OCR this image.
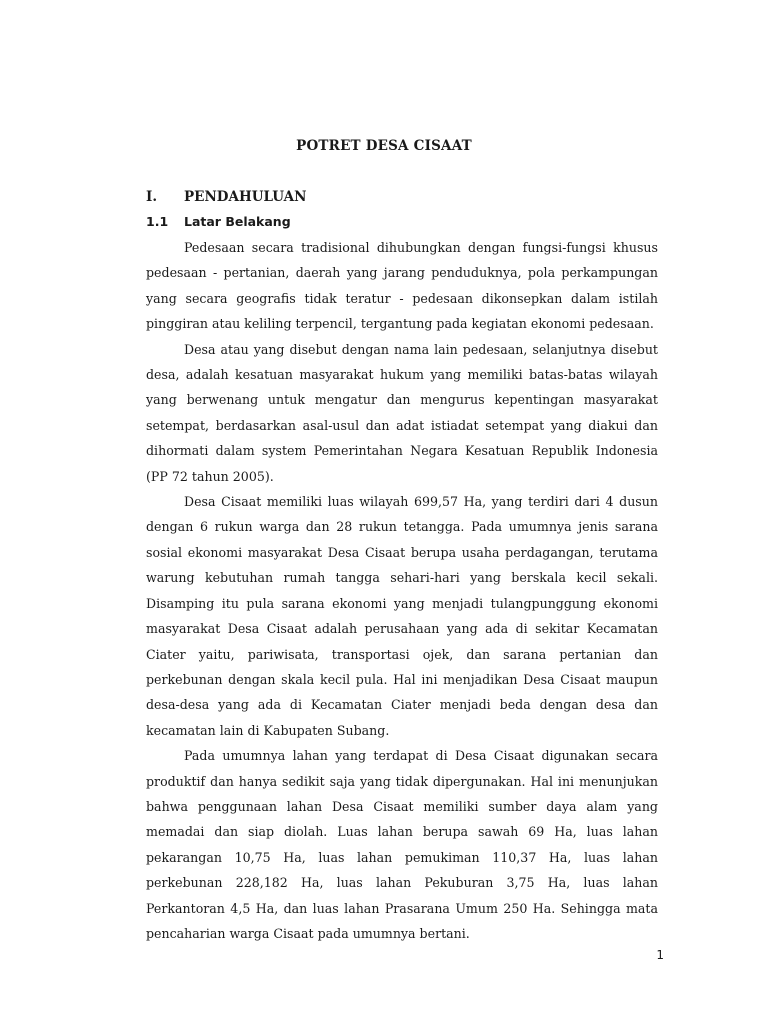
POTRET DESA CISAAT
I. PENDAHULUAN
1.1 Latar Belakang

Pedesaan secara tradisional dihubungkan dengan fungsi-fungsi khusus pedesaan - pertanian, daerah yang jarang penduduknya, pola perkampungan yang secara geografis tidak teratur - pedesaan dikonsepkan dalam istilah pinggiran atau keliling terpencil, tergantung pada kegiatan ekonomi pedesaan.

Desa atau yang disebut dengan nama lain pedesaan, selanjutnya disebut desa, adalah kesatuan masyarakat hukum yang memiliki batas-batas wilayah yang berwenang untuk mengatur dan mengurus kepentingan masyarakat setempat, berdasarkan asal-usul dan adat istiadat setempat yang diakui dan dihormati dalam system Pemerintahan Negara Kesatuan Republik Indonesia (PP 72 tahun 2005).

Desa Cisaat memiliki luas wilayah 699,57 Ha, yang terdiri dari 4 dusun dengan 6 rukun warga dan 28 rukun tetangga. Pada umumnya jenis sarana sosial ekonomi masyarakat Desa Cisaat berupa usaha perdagangan, terutama warung kebutuhan rumah tangga sehari-hari yang berskala kecil sekali. Disamping itu pula sarana ekonomi yang menjadi tulangpunggung ekonomi masyarakat Desa Cisaat adalah perusahaan yang ada di sekitar Kecamatan Ciater yaitu, pariwisata, transportasi ojek, dan sarana pertanian dan perkebunan dengan skala kecil pula. Hal ini menjadikan Desa Cisaat maupun desa-desa yang ada di Kecamatan Ciater menjadi beda dengan desa dan kecamatan lain di Kabupaten Subang.

Pada umumnya lahan yang terdapat di Desa Cisaat digunakan secara produktif dan hanya sedikit saja yang tidak dipergunakan. Hal ini menunjukan bahwa penggunaan lahan Desa Cisaat memiliki sumber daya alam yang memadai dan siap diolah. Luas lahan berupa sawah 69 Ha, luas lahan pekarangan 10,75 Ha, luas lahan pemukiman 110,37 Ha, luas lahan perkebunan 228,182 Ha, luas lahan Pekuburan 3,75 Ha, luas lahan Perkantoran 4,5 Ha, dan luas lahan Prasarana Umum 250 Ha. Sehingga mata pencaharian warga Cisaat pada umumnya bertani.

1
